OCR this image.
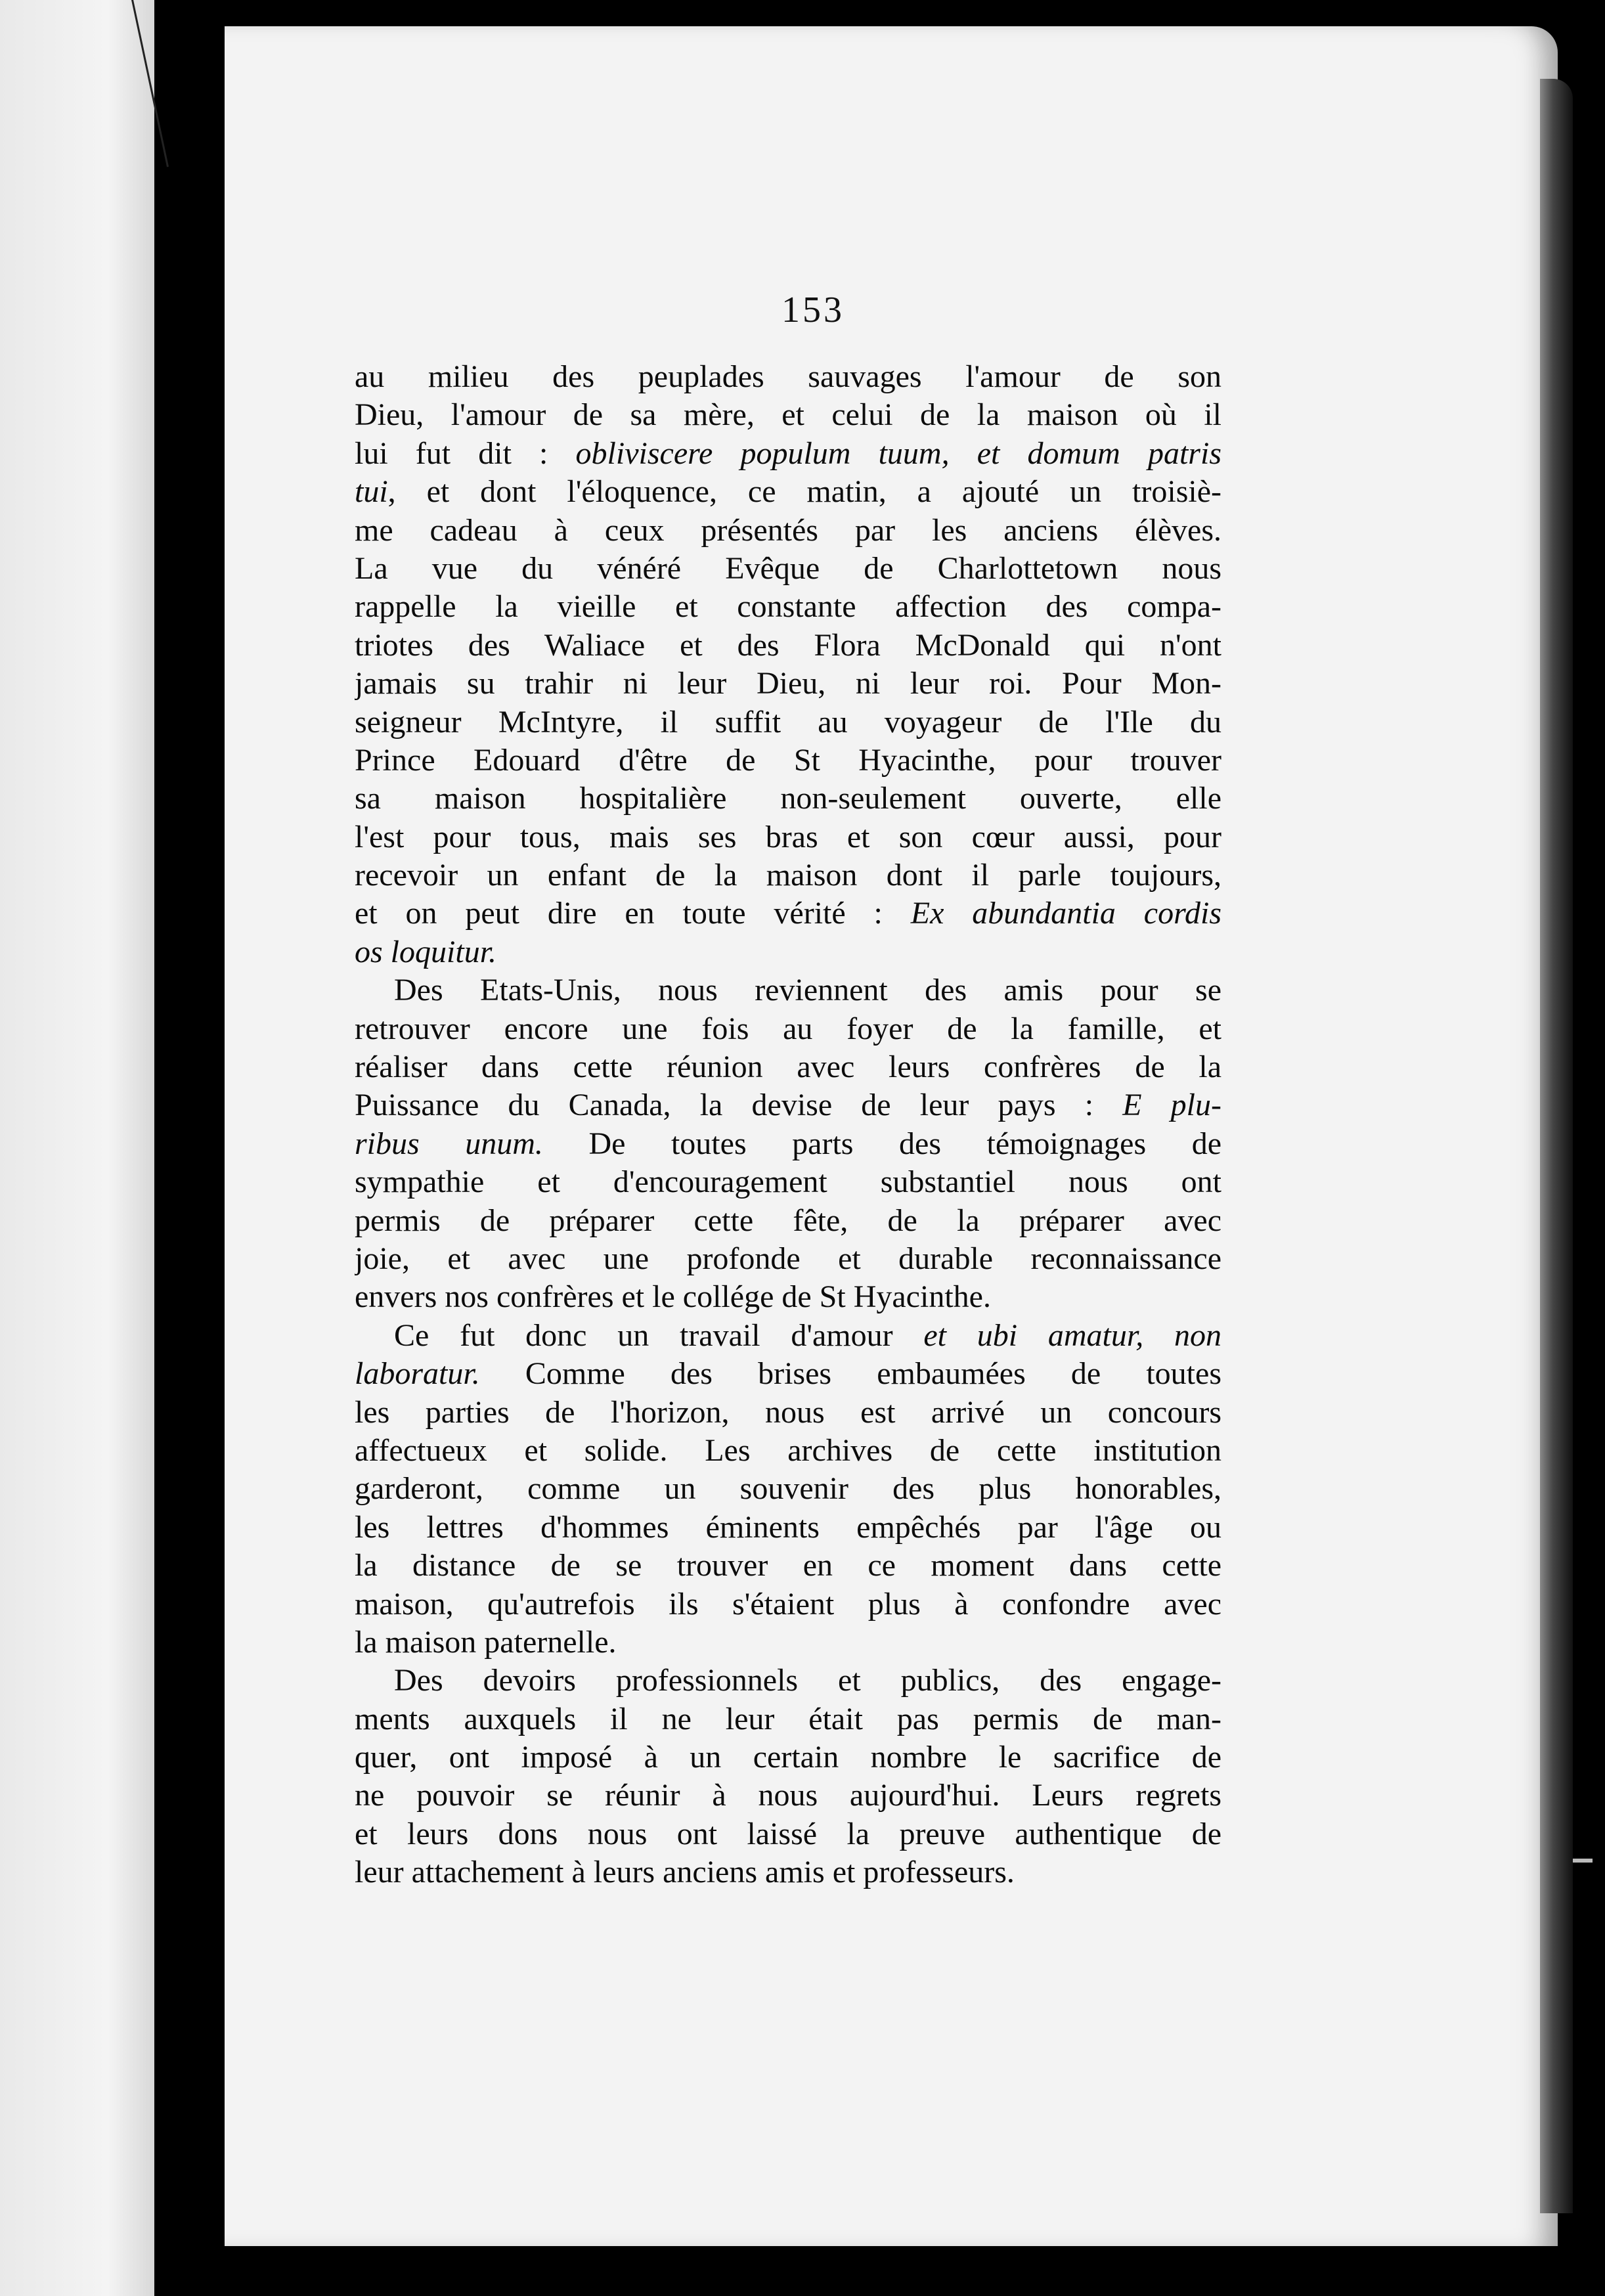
153
au milieu des peuplades sauvages l'amour de son
Dieu, l'amour de sa mère, et celui de la maison où il
lui fut dit : obliviscere populum tuum, et domum patris
tui, et dont l'éloquence, ce matin, a ajouté un troisiè-
me cadeau à ceux présentés par les anciens élèves.
La vue du vénéré Evêque de Charlottetown nous
rappelle la vieille et constante affection des compa-
triotes des Waliace et des Flora McDonald qui n'ont
jamais su trahir ni leur Dieu, ni leur roi. Pour Mon-
seigneur McIntyre, il suffit au voyageur de l'Ile du
Prince Edouard d'être de St Hyacinthe, pour trouver
sa maison hospitalière non-seulement ouverte, elle
l'est pour tous, mais ses bras et son cœur aussi, pour
recevoir un enfant de la maison dont il parle toujours,
et on peut dire en toute vérité : Ex abundantia cordis
os loquitur.
Des Etats-Unis, nous reviennent des amis pour se
retrouver encore une fois au foyer de la famille, et
réaliser dans cette réunion avec leurs confrères de la
Puissance du Canada, la devise de leur pays : E plu-
ribus unum. De toutes parts des témoignages de
sympathie et d'encouragement substantiel nous ont
permis de préparer cette fête, de la préparer avec
joie, et avec une profonde et durable reconnaissance
envers nos confrères et le collége de St Hyacinthe.
Ce fut donc un travail d'amour et ubi amatur, non
laboratur. Comme des brises embaumées de toutes
les parties de l'horizon, nous est arrivé un concours
affectueux et solide. Les archives de cette institution
garderont, comme un souvenir des plus honorables,
les lettres d'hommes éminents empêchés par l'âge ou
la distance de se trouver en ce moment dans cette
maison, qu'autrefois ils s'étaient plus à confondre avec
la maison paternelle.
Des devoirs professionnels et publics, des engage-
ments auxquels il ne leur était pas permis de man-
quer, ont imposé à un certain nombre le sacrifice de
ne pouvoir se réunir à nous aujourd'hui. Leurs regrets
et leurs dons nous ont laissé la preuve authentique de
leur attachement à leurs anciens amis et professeurs.
